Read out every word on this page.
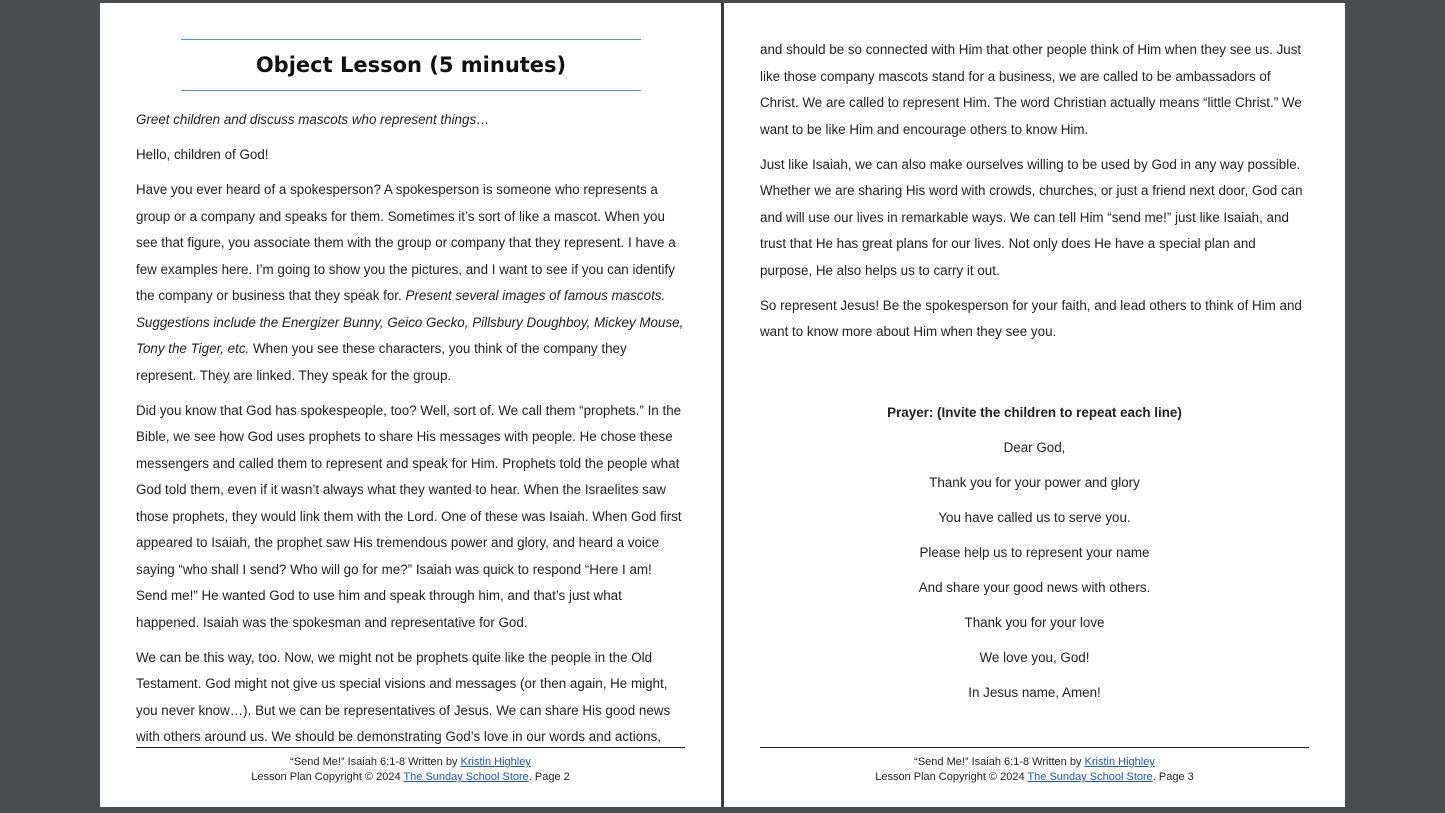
Object Lesson (5 minutes)

Greet children and discuss mascots who represent things…

Hello, children of God!

Have you ever heard of a spokesperson? A spokesperson is someone who represents a group or a company and speaks for them. Sometimes it’s sort of like a mascot. When you see that figure, you associate them with the group or company that they represent. I have a few examples here. I’m going to show you the pictures, and I want to see if you can identify the company or business that they speak for. Present several images of famous mascots. Suggestions include the Energizer Bunny, Geico Gecko, Pillsbury Doughboy, Mickey Mouse, Tony the Tiger, etc. When you see these characters, you think of the company they represent. They are linked. They speak for the group.

Did you know that God has spokespeople, too? Well, sort of. We call them “prophets.” In the Bible, we see how God uses prophets to share His messages with people. He chose these messengers and called them to represent and speak for Him. Prophets told the people what God told them, even if it wasn’t always what they wanted to hear. When the Israelites saw those prophets, they would link them with the Lord. One of these was Isaiah. When God first appeared to Isaiah, the prophet saw His tremendous power and glory, and heard a voice saying “who shall I send? Who will go for me?” Isaiah was quick to respond “Here I am! Send me!” He wanted God to use him and speak through him, and that’s just what happened. Isaiah was the spokesman and representative for God.

We can be this way, too. Now, we might not be prophets quite like the people in the Old Testament. God might not give us special visions and messages (or then again, He might, you never know…). But we can be representatives of Jesus. We can share His good news with others around us. We should be demonstrating God’s love in our words and actions,

“Send Me!” Isaiah 6:1-8 Written by Kristin Highley
Lesson Plan Copyright © 2024 The Sunday School Store. Page 2

and should be so connected with Him that other people think of Him when they see us. Just like those company mascots stand for a business, we are called to be ambassadors of Christ. We are called to represent Him. The word Christian actually means “little Christ.” We want to be like Him and encourage others to know Him.

Just like Isaiah, we can also make ourselves willing to be used by God in any way possible. Whether we are sharing His word with crowds, churches, or just a friend next door, God can and will use our lives in remarkable ways. We can tell Him “send me!” just like Isaiah, and trust that He has great plans for our lives. Not only does He have a special plan and purpose, He also helps us to carry it out.

So represent Jesus! Be the spokesperson for your faith, and lead others to think of Him and want to know more about Him when they see you.

Prayer: (Invite the children to repeat each line)
Dear God,
Thank you for your power and glory
You have called us to serve you.
Please help us to represent your name
And share your good news with others.
Thank you for your love
We love you, God!
In Jesus name, Amen!
“Send Me!” Isaiah 6:1-8 Written by Kristin Highley
Lesson Plan Copyright © 2024 The Sunday School Store. Page 3
